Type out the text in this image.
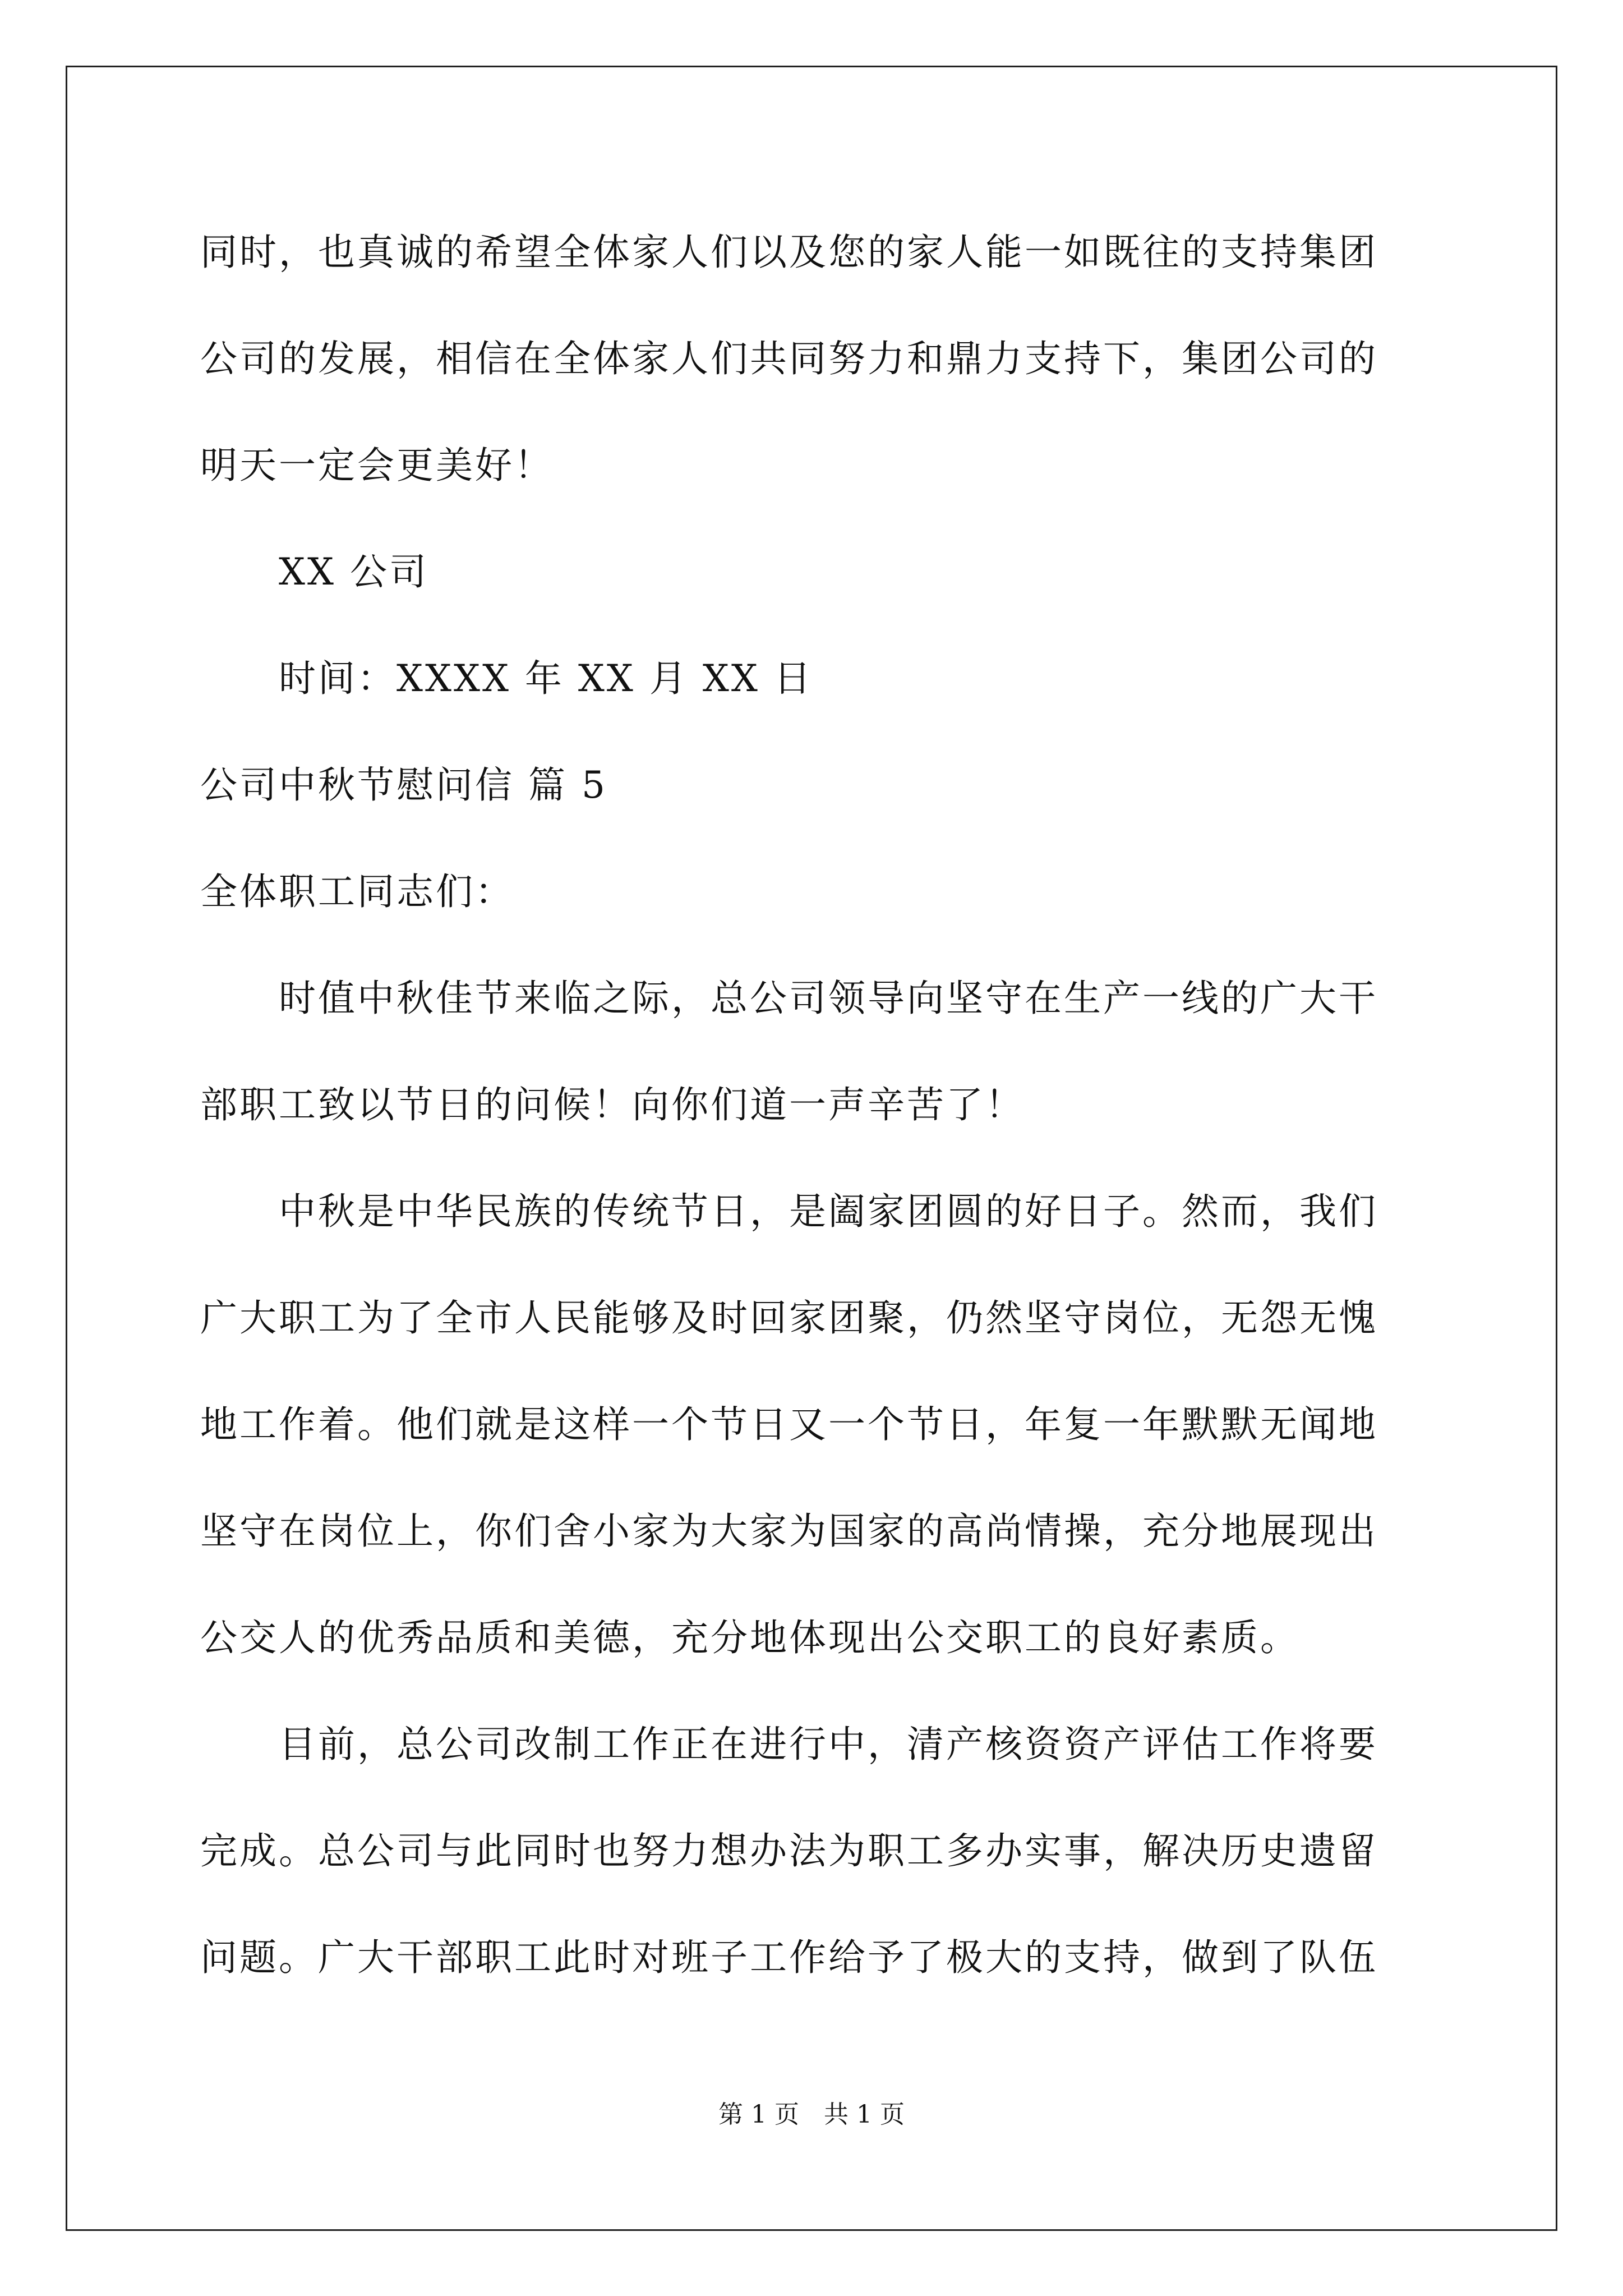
同时，也真诚的希望全体家人们以及您的家人能一如既往的支持集团
公司的发展，相信在全体家人们共同努力和鼎力支持下，集团公司的
明天一定会更美好！
XX 公司
时间：XXXX 年 XX 月 XX 日
公司中秋节慰问信 篇 5
全体职工同志们：
时值中秋佳节来临之际，总公司领导向坚守在生产一线的广大干
部职工致以节日的问候！向你们道一声辛苦了！
中秋是中华民族的传统节日，是阖家团圆的好日子。然而，我们
广大职工为了全市人民能够及时回家团聚，仍然坚守岗位，无怨无愧
地工作着。他们就是这样一个节日又一个节日，年复一年默默无闻地
坚守在岗位上，你们舍小家为大家为国家的高尚情操，充分地展现出
公交人的优秀品质和美德，充分地体现出公交职工的良好素质。
目前，总公司改制工作正在进行中，清产核资资产评估工作将要
完成。总公司与此同时也努力想办法为职工多办实事，解决历史遗留
问题。广大干部职工此时对班子工作给予了极大的支持，做到了队伍
第 1 页　共 1 页
